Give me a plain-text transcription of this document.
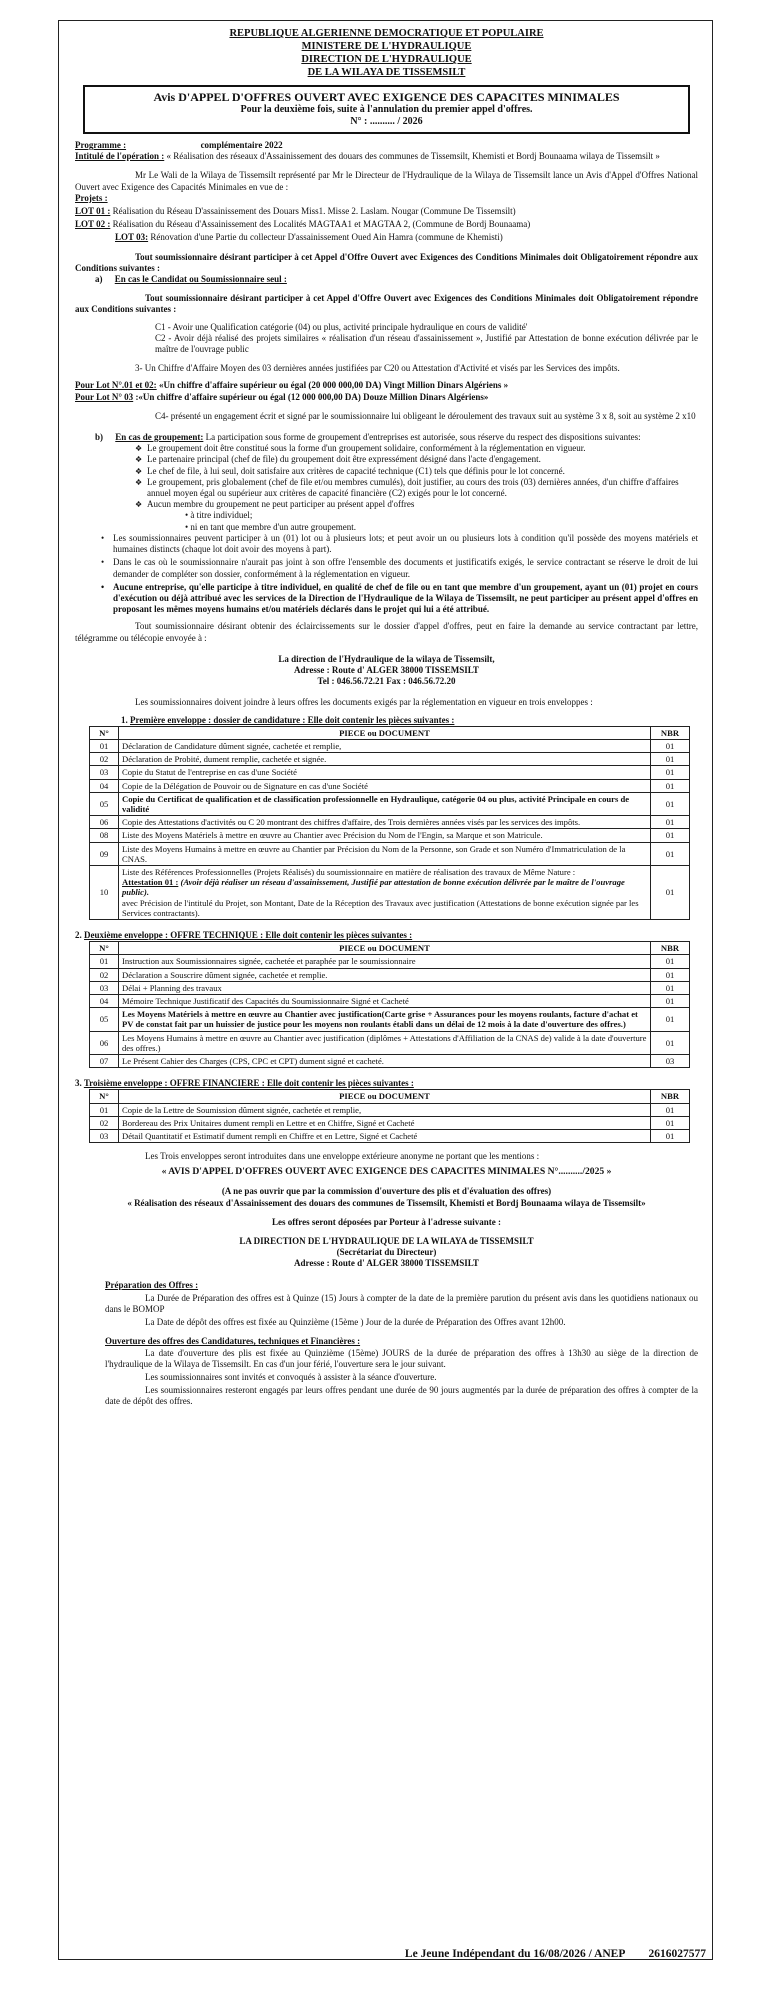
REPUBLIQUE ALGERIENNE DEMOCRATIQUE ET POPULAIRE
MINISTERE DE L'HYDRAULIQUE
DIRECTION DE L'HYDRAULIQUE
DE LA WILAYA DE TISSEMSILT
Avis D'APPEL D'OFFRES OUVERT AVEC EXIGENCE DES CAPACITES MINIMALES
Pour la deuxième fois, suite à l'annulation du premier appel d'offres.
N° : .......... / 2026

Programme :	complémentaire 2022

Intitulé de l'opération : « Réalisation des réseaux d'Assainissement des douars des communes de Tissemsilt, Khemisti et Bordj Bounaama wilaya de Tissemsilt »

Mr Le Wali de la Wilaya de Tissemsilt représenté par Mr le Directeur de l'Hydraulique de la Wilaya de Tissemsilt lance un Avis d'Appel d'Offres National Ouvert avec Exigence des Capacités Minimales en vue de :

Projets :

LOT 01 : Réalisation du Réseau D'assainissement des Douars Miss1. Misse 2. Laslam. Nougar (Commune De Tissemsilt)

LOT 02 : Réalisation du Réseau d'Assainissement des Localités MAGTAA1 et MAGTAA 2, (Commune de Bordj Bounaama)

LOT 03: Rénovation d'une Partie du collecteur D'assainissement Oued Ain Hamra (commune de Khemisti)

Tout soumissionnaire désirant participer à cet Appel d'Offre Ouvert avec Exigences des Conditions Minimales doit Obligatoirement répondre aux Conditions suivantes :

a) En cas le Candidat ou Soumissionnaire seul :

Tout soumissionnaire désirant participer à cet Appel d'Offre Ouvert avec Exigences des Conditions Minimales doit Obligatoirement répondre aux Conditions suivantes :

C1 - Avoir une Qualification catégorie (04) ou plus, activité principale hydraulique en cours de validité'

C2 - Avoir déjà réalisé des projets similaires « réalisation d'un réseau d'assainissement », Justifié par Attestation de bonne exécution délivrée par le maître de l'ouvrage public

3- Un Chiffre d'Affaire Moyen des 03 dernières années justifiées par C20 ou Attestation d'Activité et visés par les Services des impôts.

Pour Lot N°.01 et 02: «Un chiffre d'affaire supérieur ou égal (20 000 000,00 DA) Vingt Million Dinars Algériens »

Pour Lot N° 03 :«Un chiffre d'affaire supérieur ou égal (12 000 000,00 DA) Douze Million Dinars Algériens»

C4- présenté un engagement écrit et signé par le soumissionnaire lui obligeant le déroulement des travaux suit au système 3 x 8, soit au système 2 x10

b) En cas de groupement: La participation sous forme de groupement d'entreprises est autorisée, sous réserve du respect des dispositions suivantes:

❖ Le groupement doit être constitué sous la forme d'un groupement solidaire, conformément à la réglementation en vigueur.
❖ Le partenaire principal (chef de file) du groupement doit être expressément désigné dans l'acte d'engagement.
❖ Le chef de file, à lui seul, doit satisfaire aux critères de capacité technique (C1) tels que définis pour le lot concerné.
❖ Le groupement, pris globalement (chef de file et/ou membres cumulés), doit justifier, au cours des trois (03) dernières années, d'un chiffre d'affaires annuel moyen égal ou supérieur aux critères de capacité financière (C2) exigés pour le lot concerné.
❖ Aucun membre du groupement ne peut participer au présent appel d'offres
• à titre individuel;
• ni en tant que membre d'un autre groupement.
• Les soumissionnaires peuvent participer à un (01) lot ou à plusieurs lots; et peut avoir un ou plusieurs lots à condition qu'il possède des moyens matériels et humaines distincts (chaque lot doit avoir des moyens à part).
• Dans le cas où le soumissionnaire n'aurait pas joint à son offre l'ensemble des documents et justificatifs exigés, le service contractant se réserve le droit de lui demander de compléter son dossier, conformément à la réglementation en vigueur.
• Aucune entreprise, qu'elle participe à titre individuel, en qualité de chef de file ou en tant que membre d'un groupement, ayant un (01) projet en cours d'exécution ou déjà attribué avec les services de la Direction de l'Hydraulique de la Wilaya de Tissemsilt, ne peut participer au présent appel d'offres en proposant les mêmes moyens humains et/ou matériels déclarés dans le projet qui lui a été attribué.

Tout soumissionnaire désirant obtenir des éclaircissements sur le dossier d'appel d'offres, peut en faire la demande au service contractant par lettre, télégramme ou télécopie envoyée à :

La direction de l'Hydraulique de la wilaya de Tissemsilt,
Adresse : Route d' ALGER 38000 TISSEMSILT
Tel : 046.56.72.21 Fax : 046.56.72.20

Les soumissionnaires doivent joindre à leurs offres les documents exigés par la réglementation en vigueur en trois enveloppes :

1. Première enveloppe : dossier de candidature : Elle doit contenir les pièces suivantes :

N°	PIECE ou DOCUMENT	NBR
01	Déclaration de Candidature dûment signée, cachetée et remplie,	01
02	Déclaration de Probité, dument remplie, cachetée et signée.	01
03	Copie du Statut de l'entreprise en cas d'une Société	01
04	Copie de la Délégation de Pouvoir ou de Signature en cas d'une Société	01
05	Copie du Certificat de qualification et de classification professionnelle en Hydraulique, catégorie 04 ou plus, activité Principale en cours de validité	01
06	Copie des Attestations d'activités ou C 20 montrant des chiffres d'affaire, des Trois dernières années visés par les services des impôts.	01
08	Liste des Moyens Matériels à mettre en œuvre au Chantier avec Précision du Nom de l'Engin, sa Marque et son Matricule.	01
09	Liste des Moyens Humains à mettre en œuvre au Chantier par Précision du Nom de la Personne, son Grade et son Numéro d'Immatriculation de la CNAS.	01
10	Liste des Références Professionnelles (Projets Réalisés) du soumissionnaire en matière de réalisation des travaux de Même Nature :
Attestation 01 : (Avoir déjà réaliser un réseau d'assainissement, Justifié par attestation de bonne exécution délivrée par le maître de l'ouvrage public).
avec Précision de l'intitulé du Projet, son Montant, Date de la Réception des Travaux avec justification (Attestations de bonne exécution signée par les Services contractants).	01

2. Deuxième enveloppe : OFFRE TECHNIQUE : Elle doit contenir les pièces suivantes :

N°	PIECE ou DOCUMENT	NBR
01	Instruction aux Soumissionnaires signée, cachetée et paraphée par le soumissionnaire	01
02	Déclaration a Souscrire dûment signée, cachetée et remplie.	01
03	Délai + Planning des travaux	01
04	Mémoire Technique Justificatif des Capacités du Soumissionnaire Signé et Cacheté	01
05	Les Moyens Matériels à mettre en œuvre au Chantier avec justification(Carte grise + Assurances pour les moyens roulants, facture d'achat et PV de constat fait par un huissier de justice pour les moyens non roulants établi dans un délai de 12 mois à la date d'ouverture des offres.)	01
06	Les Moyens Humains à mettre en œuvre au Chantier avec justification (diplômes + Attestations d'Affiliation de la CNAS de) valide à la date d'ouverture des offres.)	01
07	Le Présent Cahier des Charges (CPS, CPC et CPT) dument signé et cacheté.	03

3. Troisième enveloppe : OFFRE FINANCIERE : Elle doit contenir les pièces suivantes :

N°	PIECE ou DOCUMENT	NBR
01	Copie de la Lettre de Soumission dûment signée, cachetée et remplie,	01
02	Bordereau des Prix Unitaires dument rempli en Lettre et en Chiffre, Signé et Cacheté	01
03	Détail Quantitatif et Estimatif dument rempli en Chiffre et en Lettre, Signé et Cacheté	01

Les Trois enveloppes seront introduites dans une enveloppe extérieure anonyme ne portant que les mentions :

« AVIS D'APPEL D'OFFRES OUVERT AVEC EXIGENCE DES CAPACITES MINIMALES N°........../2025 »

(A ne pas ouvrir que par la commission d'ouverture des plis et d'évaluation des offres)

« Réalisation des réseaux d'Assainissement des douars des communes de Tissemsilt, Khemisti et Bordj Bounaama wilaya de Tissemsilt»

Les offres seront déposées par Porteur à l'adresse suivante :

LA DIRECTION DE L'HYDRAULIQUE DE LA WILAYA de TISSEMSILT
(Secrétariat du Directeur)
Adresse : Route d' ALGER 38000 TISSEMSILT

Préparation des Offres :

La Durée de Préparation des offres est à Quinze (15) Jours à compter de la date de la première parution du présent avis dans les quotidiens nationaux ou dans le BOMOP

La Date de dépôt des offres est fixée au Quinzième (15ème ) Jour de la durée de Préparation des Offres avant 12h00.

Ouverture des offres des Candidatures, techniques et Financières :

La date d'ouverture des plis est fixée au Quinzième (15ème) JOURS de la durée de préparation des offres à 13h30 au siège de la direction de l'hydraulique de la Wilaya de Tissemsilt. En cas d'un jour férié, l'ouverture sera le jour suivant.

Les soumissionnaires sont invités et convoqués à assister à la séance d'ouverture.

Les soumissionnaires resteront engagés par leurs offres pendant une durée de 90 jours augmentés par la durée de préparation des offres à compter de la date de dépôt des offres.

Le Jeune Indépendant du 16/08/2026 / ANEP 2616027577
